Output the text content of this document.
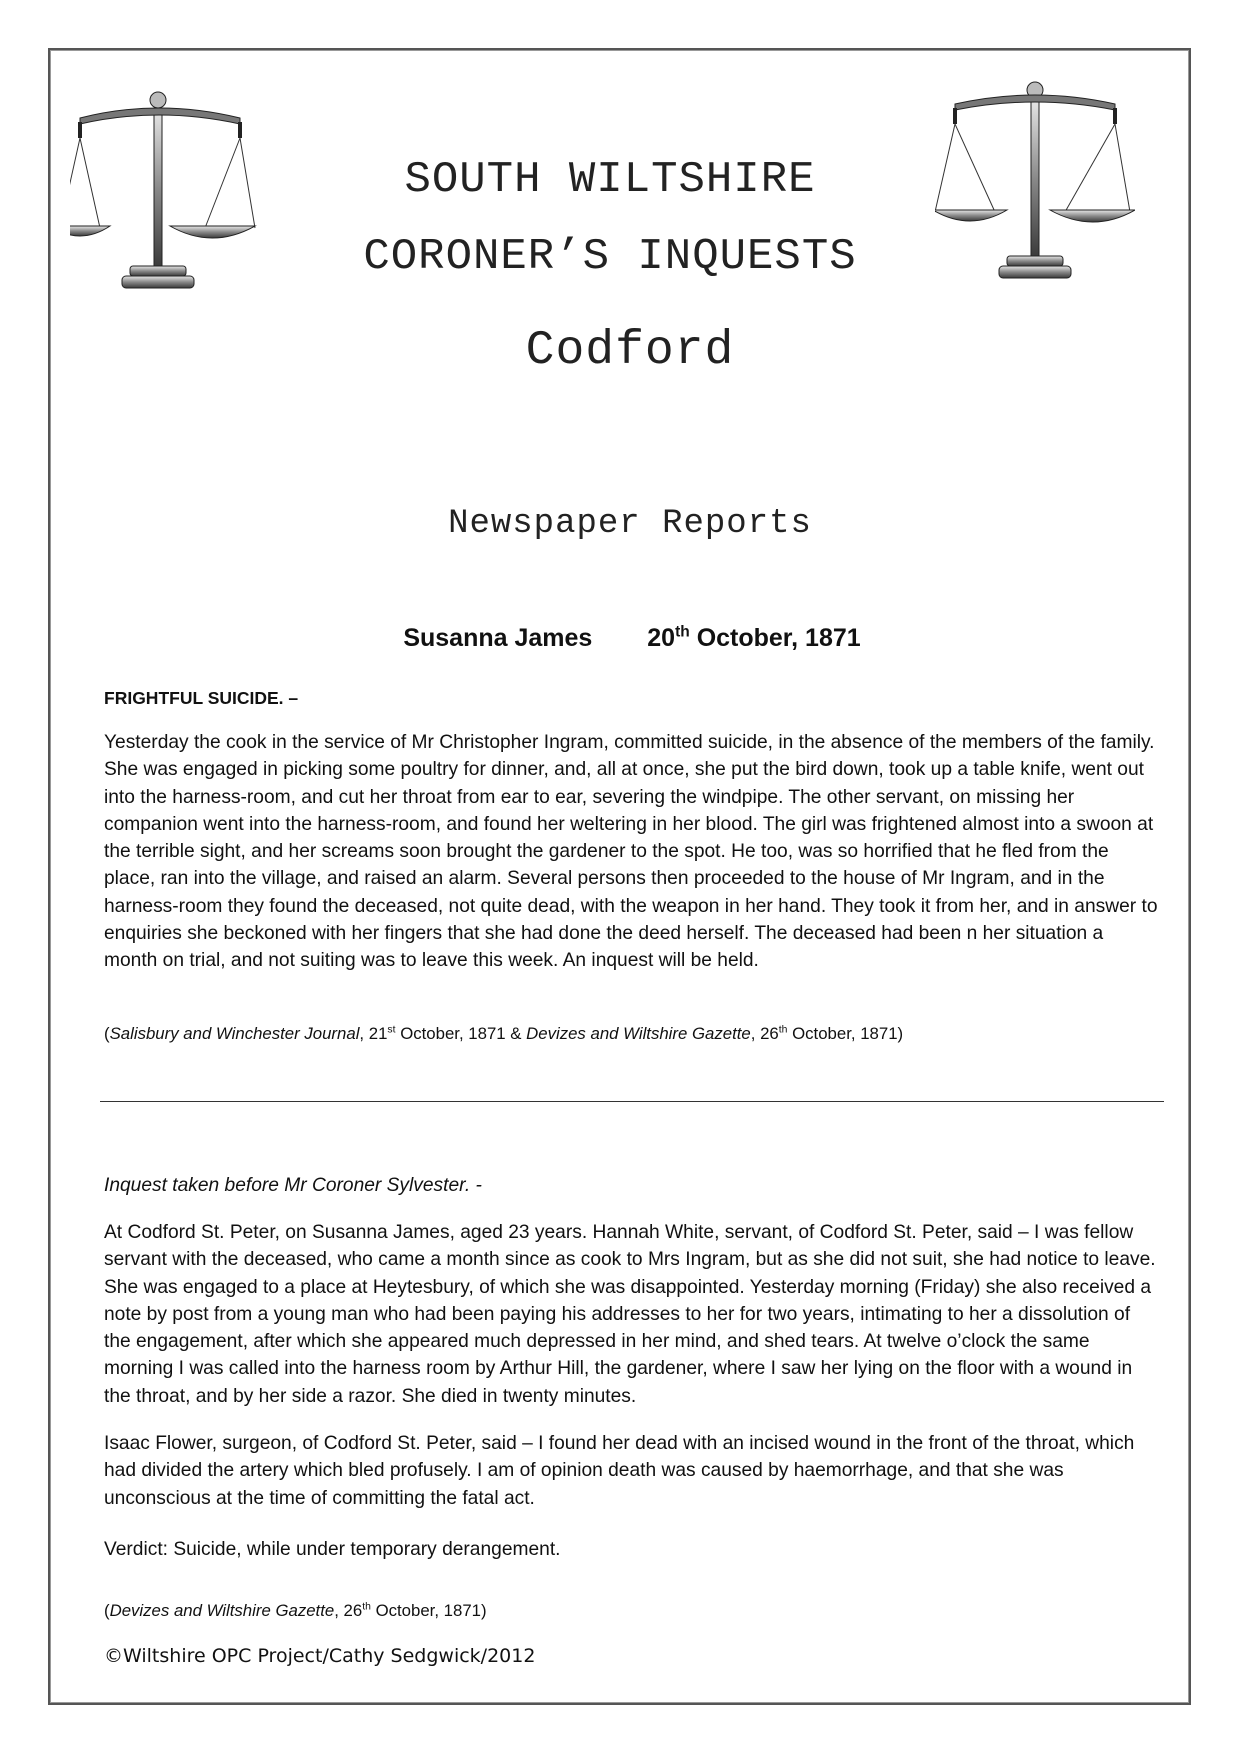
SOUTH WILTSHIRE
CORONER’S INQUESTS
Codford
Newspaper Reports
Susanna James 20th October, 1871

FRIGHTFUL SUICIDE. –

Yesterday the cook in the service of Mr Christopher Ingram, committed suicide, in the absence of the members of the family. She was engaged in picking some poultry for dinner, and, all at once, she put the bird down, took up a table knife, went out into the harness-room, and cut her throat from ear to ear, severing the windpipe. The other servant, on missing her companion went into the harness-room, and found her weltering in her blood. The girl was frightened almost into a swoon at the terrible sight, and her screams soon brought the gardener to the spot. He too, was so horrified that he fled from the place, ran into the village, and raised an alarm. Several persons then proceeded to the house of Mr Ingram, and in the harness-room they found the deceased, not quite dead, with the weapon in her hand. They took it from her, and in answer to enquiries she beckoned with her fingers that she had done the deed herself. The deceased had been n her situation a month on trial, and not suiting was to leave this week. An inquest will be held.

(Salisbury and Winchester Journal, 21st October, 1871 & Devizes and Wiltshire Gazette, 26th October, 1871)

Inquest taken before Mr Coroner Sylvester. -

At Codford St. Peter, on Susanna James, aged 23 years. Hannah White, servant, of Codford St. Peter, said – I was fellow servant with the deceased, who came a month since as cook to Mrs Ingram, but as she did not suit, she had notice to leave. She was engaged to a place at Heytesbury, of which she was disappointed. Yesterday morning (Friday) she also received a note by post from a young man who had been paying his addresses to her for two years, intimating to her a dissolution of the engagement, after which she appeared much depressed in her mind, and shed tears. At twelve o’clock the same morning I was called into the harness room by Arthur Hill, the gardener, where I saw her lying on the floor with a wound in the throat, and by her side a razor. She died in twenty minutes.

Isaac Flower, surgeon, of Codford St. Peter, said – I found her dead with an incised wound in the front of the throat, which had divided the artery which bled profusely. I am of opinion death was caused by haemorrhage, and that she was unconscious at the time of committing the fatal act.

Verdict: Suicide, while under temporary derangement.

(Devizes and Wiltshire Gazette, 26th October, 1871)

©Wiltshire OPC Project/Cathy Sedgwick/2012
